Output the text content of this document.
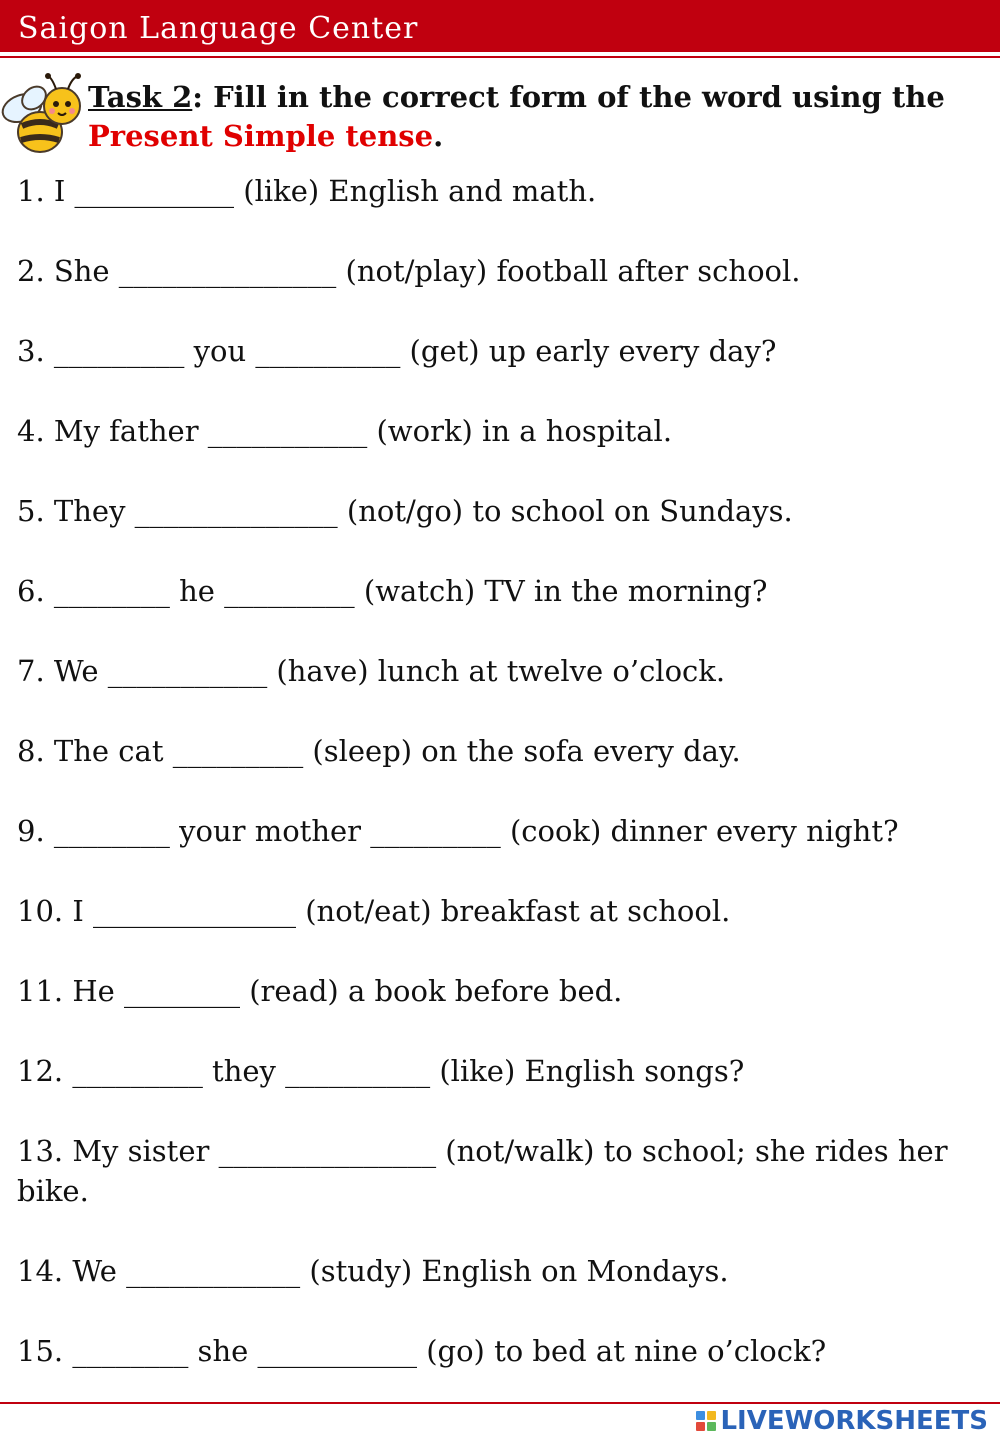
Saigon Language Center
Task 2: Fill in the correct form of the word using the Present Simple tense.
1. I ___________ (like) English and math.
2. She _______________ (not/play) football after school.
3. _________ you __________ (get) up early every day?
4. My father ___________ (work) in a hospital.
5. They ______________ (not/go) to school on Sundays.
6. ________ he _________ (watch) TV in the morning?
7. We ___________ (have) lunch at twelve o’clock.
8. The cat _________ (sleep) on the sofa every day.
9. ________ your mother _________ (cook) dinner every night?
10. I ______________ (not/eat) breakfast at school.
11. He ________ (read) a book before bed.
12. _________ they __________ (like) English songs?
13. My sister _______________ (not/walk) to school; she rides her bike.
14. We ____________ (study) English on Mondays.
15. ________ she ___________ (go) to bed at nine o’clock?
LIVEWORKSHEETS
